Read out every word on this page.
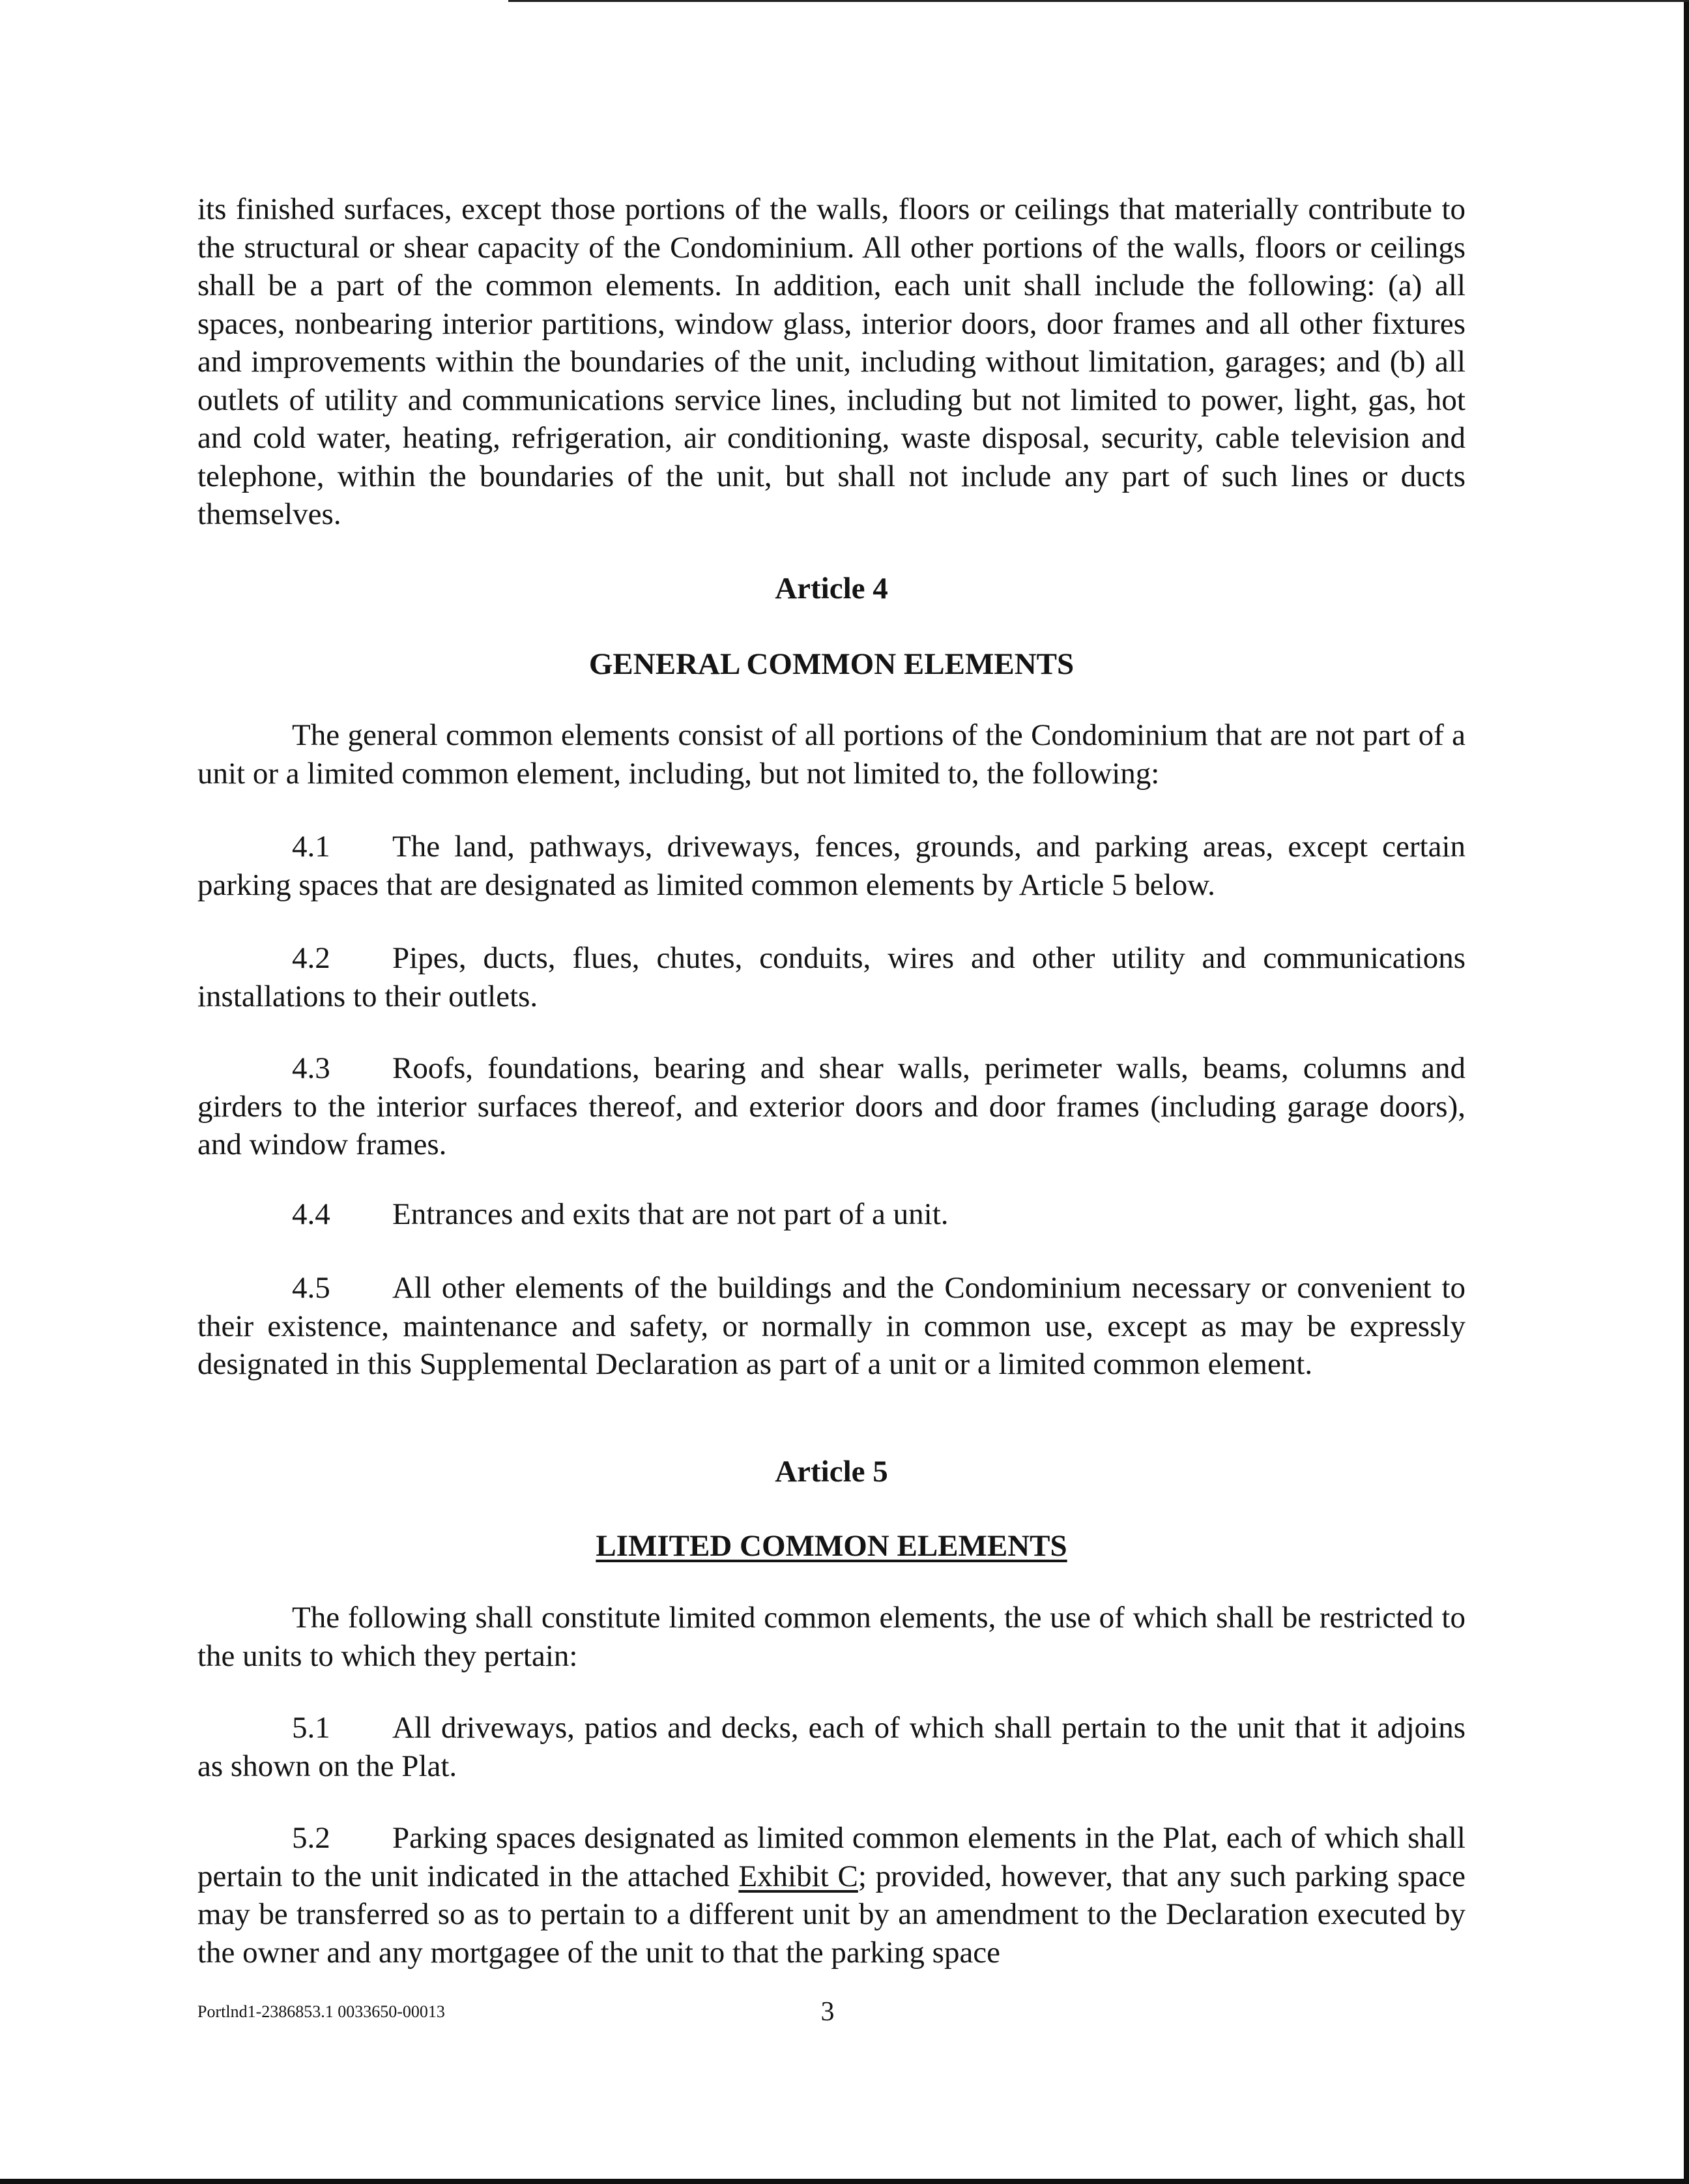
its finished surfaces, except those portions of the walls, floors or ceilings that materially contribute to the structural or shear capacity of the Condominium. All other portions of the walls, floors or ceilings shall be a part of the common elements. In addition, each unit shall include the following: (a) all spaces, nonbearing interior partitions, window glass, interior doors, door frames and all other fixtures and improvements within the boundaries of the unit, including without limitation, garages; and (b) all outlets of utility and communications service lines, including but not limited to power, light, gas, hot and cold water, heating, refrigeration, air conditioning, waste disposal, security, cable television and telephone, within the boundaries of the unit, but shall not include any part of such lines or ducts themselves.

Article 4

GENERAL COMMON ELEMENTS

The general common elements consist of all portions of the Condominium that are not part of a unit or a limited common element, including, but not limited to, the following:

4.1 The land, pathways, driveways, fences, grounds, and parking areas, except certain parking spaces that are designated as limited common elements by Article 5 below.

4.2 Pipes, ducts, flues, chutes, conduits, wires and other utility and communications installations to their outlets.

4.3 Roofs, foundations, bearing and shear walls, perimeter walls, beams, columns and girders to the interior surfaces thereof, and exterior doors and door frames (including garage doors), and window frames.

4.4 Entrances and exits that are not part of a unit.

4.5 All other elements of the buildings and the Condominium necessary or convenient to their existence, maintenance and safety, or normally in common use, except as may be expressly designated in this Supplemental Declaration as part of a unit or a limited common element.

Article 5

LIMITED COMMON ELEMENTS

The following shall constitute limited common elements, the use of which shall be restricted to the units to which they pertain:

5.1 All driveways, patios and decks, each of which shall pertain to the unit that it adjoins as shown on the Plat.

5.2 Parking spaces designated as limited common elements in the Plat, each of which shall pertain to the unit indicated in the attached Exhibit C; provided, however, that any such parking space may be transferred so as to pertain to a different unit by an amendment to the Declaration executed by the owner and any mortgagee of the unit to that the parking space

Portlnd1-2386853.1 0033650-00013	3
